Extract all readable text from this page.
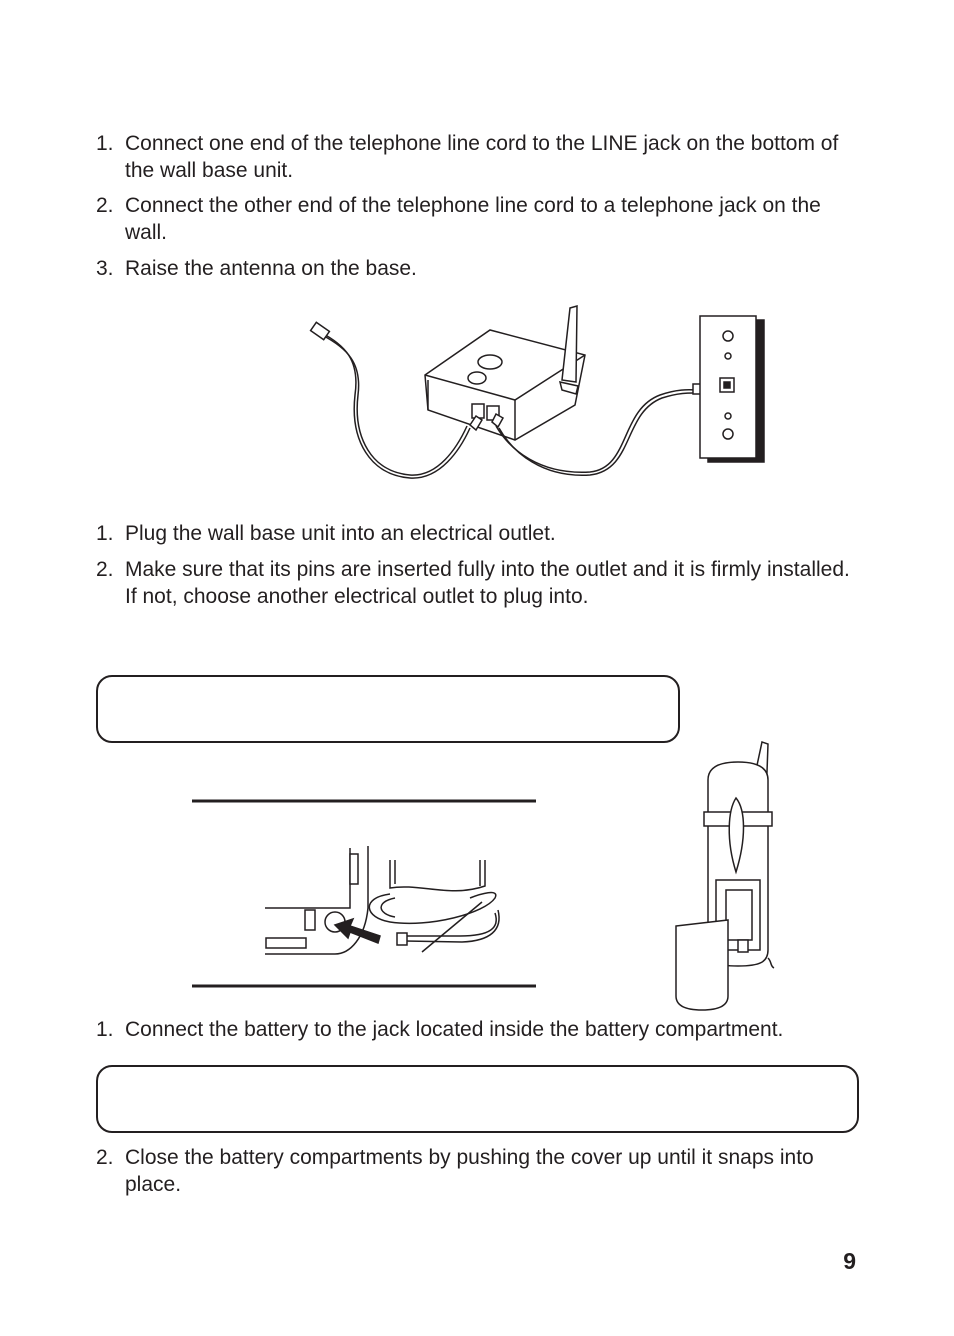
1. Connect one end of the telephone line cord to the LINE jack on the bottom of the wall base unit.
2. Connect the other end of the telephone line cord to a telephone jack on the wall.
3. Raise the antenna on the base.
1. Plug the wall base unit into an electrical outlet.
2. Make sure that its pins are inserted fully into the outlet and it is firmly installed. If not, choose another electrical outlet to plug into.
1. Connect the battery to the jack located inside the battery compartment.
2. Close the battery compartments by pushing the cover up until it snaps into place.
9
